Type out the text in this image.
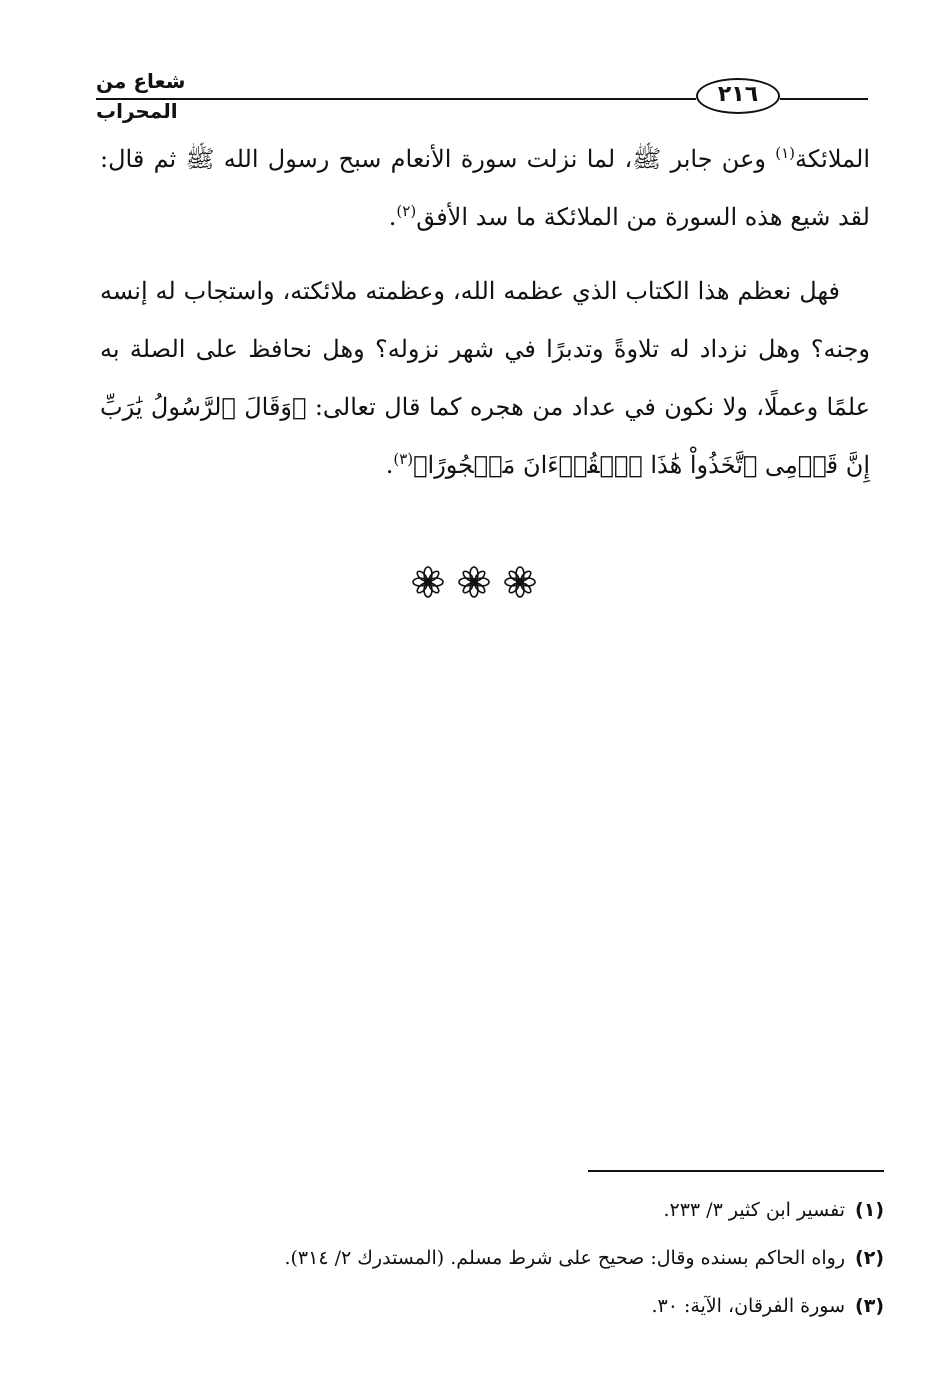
شعاع من المحراب
٢١٦
الملائكة$^{(١)}$ وعن جابر ﷺ، لما نزلت سورة الأنعام سبح رسول الله ﷺ ثم قال: لقد شيع هذه السورة من الملائكة ما سد الأفق$^{(٢)}$.
فهل نعظم هذا الكتاب الذي عظمه الله، وعظمته ملائكته، واستجاب له إنسه وجنه؟ وهل نزداد له تلاوةً وتدبرًا في شهر نزوله؟ وهل نحافظ على الصلة به علمًا وعملًا، ولا نكون في عداد من هجره كما قال تعالى: ﴿وَقَالَ ٱلرَّسُولُ يَٰرَبِّ إِنَّ قَوۡمِى ٱتَّخَذُواْ هَٰذَا ٱلۡقُرۡءَانَ مَهۡجُورًا﴾$^{(٣)}$.
(١)تفسير ابن كثير ٣/ ٢٣٣.
(٢)رواه الحاكم بسنده وقال: صحيح على شرط مسلم. (المستدرك ٢/ ٣١٤).
(٣)سورة الفرقان، الآية: ٣٠.
